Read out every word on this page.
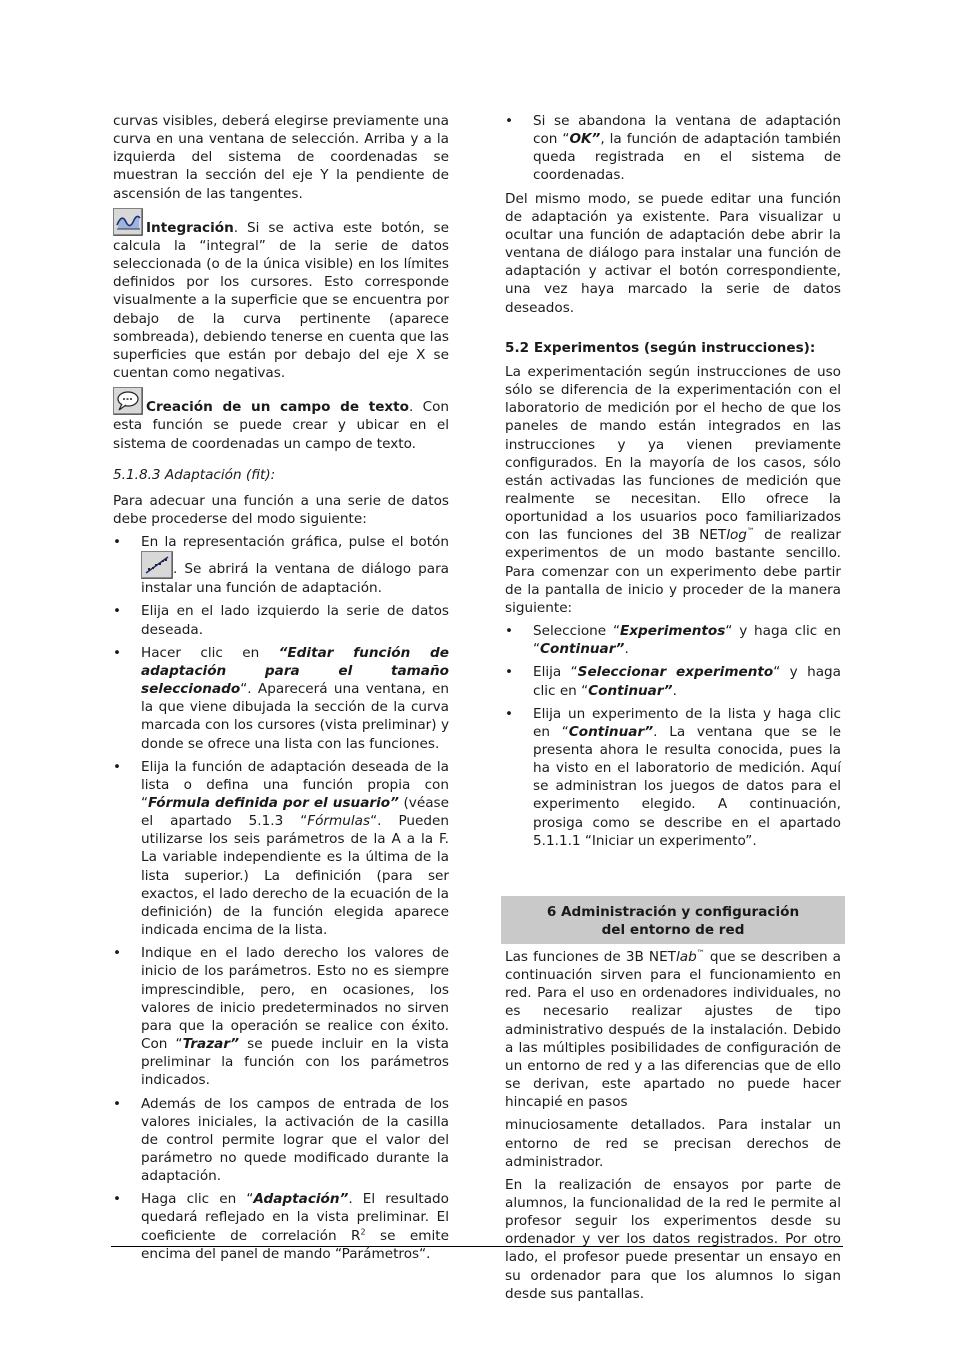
curvas visibles, deberá elegirse previamente una curva en una ventana de selección. Arriba y a la izquierda del sistema de coordenadas se muestran la sección del eje Y la pendiente de ascensión de las tangentes.

Integración. Si se activa este botón, se calcula la “integral” de la serie de datos seleccionada (o de la única visible) en los límites definidos por los cursores. Esto corresponde visualmente a la superficie que se encuentra por debajo de la curva pertinente (aparece sombreada), debiendo tenerse en cuenta que las superficies que están por debajo del eje X se cuentan como negativas.

Creación de un campo de texto. Con esta función se puede crear y ubicar en el sistema de coordenadas un campo de texto.

5.1.8.3 Adaptación (fit):

Para adecuar una función a una serie de datos debe procederse del modo siguiente:

• En la representación gráfica, pulse el botón
. Se abrirá la ventana de diálogo para instalar una función de adaptación.
• Elija en el lado izquierdo la serie de datos deseada.
• Hacer clic en “Editar función de adaptación para el tamaño seleccionado“. Aparecerá una ventana, en la que viene dibujada la sección de la curva marcada con los cursores (vista preliminar) y donde se ofrece una lista con las funciones.
• Elija la función de adaptación deseada de la lista o defina una función propia con “Fórmula definida por el usuario” (véase el apartado 5.1.3 “Fórmulas“. Pueden utilizarse los seis parámetros de la A a la F. La variable independiente es la última de la lista superior.) La definición (para ser exactos, el lado derecho de la ecuación de la definición) de la función elegida aparece indicada encima de la lista.
• Indique en el lado derecho los valores de inicio de los parámetros. Esto no es siempre imprescindible, pero, en ocasiones, los valores de inicio predeterminados no sirven para que la operación se realice con éxito. Con “Trazar” se puede incluir en la vista preliminar la función con los parámetros indicados.
• Además de los campos de entrada de los valores iniciales, la activación de la casilla de control permite lograr que el valor del parámetro no quede modificado durante la adaptación.
• Haga clic en “Adaptación”. El resultado quedará reflejado en la vista preliminar. El coeficiente de correlación $R^2$ se emite encima del panel de mando “Parámetros“.
• Si se abandona la ventana de adaptación con “OK”, la función de adaptación también queda registrada en el sistema de coordenadas.

Del mismo modo, se puede editar una función de adaptación ya existente. Para visualizar u ocultar una función de adaptación debe abrir la ventana de diálogo para instalar una función de adaptación y activar el botón correspondiente, una vez haya marcado la serie de datos deseados.

5.2 Experimentos (según instrucciones):

La experimentación según instrucciones de uso sólo se diferencia de la experimentación con el laboratorio de medición por el hecho de que los paneles de mando están integrados en las instrucciones y ya vienen previamente configurados. En la mayoría de los casos, sólo están activadas las funciones de medición que realmente se necesitan. Ello ofrece la oportunidad a los usuarios poco familiarizados con las funciones del 3B NETlog™ de realizar experimentos de un modo bastante sencillo. Para comenzar con un experimento debe partir de la pantalla de inicio y proceder de la manera siguiente:

• Seleccione “Experimentos“ y haga clic en “Continuar”.
• Elija “Seleccionar experimento“ y haga clic en “Continuar”.
• Elija un experimento de la lista y haga clic en “Continuar”. La ventana que se le presenta ahora le resulta conocida, pues la ha visto en el laboratorio de medición. Aquí se administran los juegos de datos para el experimento elegido. A continuación, prosiga como se describe en el apartado 5.1.1.1 “Iniciar un experimento”.
6 Administración y configuración
del entorno de red

Las funciones de 3B NETlab™ que se describen a continuación sirven para el funcionamiento en red. Para el uso en ordenadores individuales, no es necesario realizar ajustes de tipo administrativo después de la instalación. Debido a las múltiples posibilidades de configuración de un entorno de red y a las diferencias que de ello se derivan, este apartado no puede hacer hincapié en pasos

minuciosamente detallados. Para instalar un entorno de red se precisan derechos de administrador.

En la realización de ensayos por parte de alumnos, la funcionalidad de la red le permite al profesor seguir los experimentos desde su ordenador y ver los datos registrados. Por otro lado, el profesor puede presentar un ensayo en su ordenador para que los alumnos lo sigan desde sus pantallas.
